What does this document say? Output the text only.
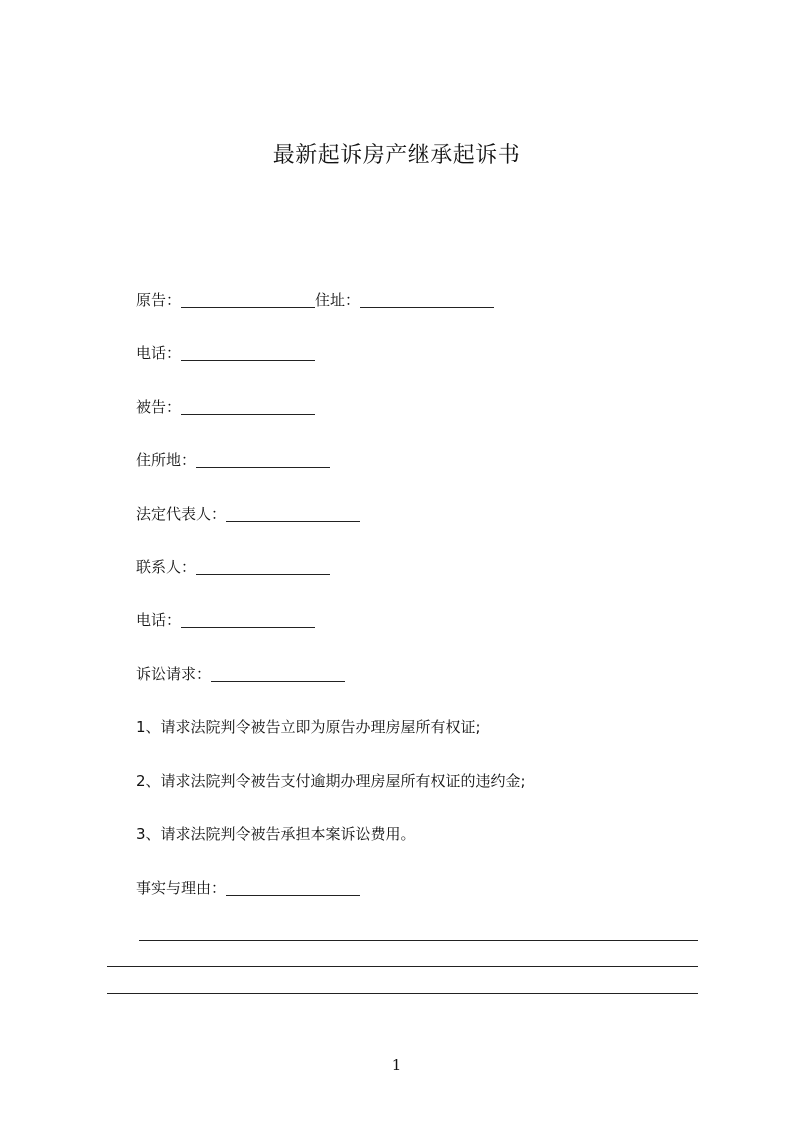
最新起诉房产继承起诉书
原告：	住址：
电话：
被告：
住所地：
法定代表人：
联系人：
电话：
诉讼请求：
1、请求法院判令被告立即为原告办理房屋所有权证;
2、请求法院判令被告支付逾期办理房屋所有权证的违约金;
3、请求法院判令被告承担本案诉讼费用。
事实与理由：
1
